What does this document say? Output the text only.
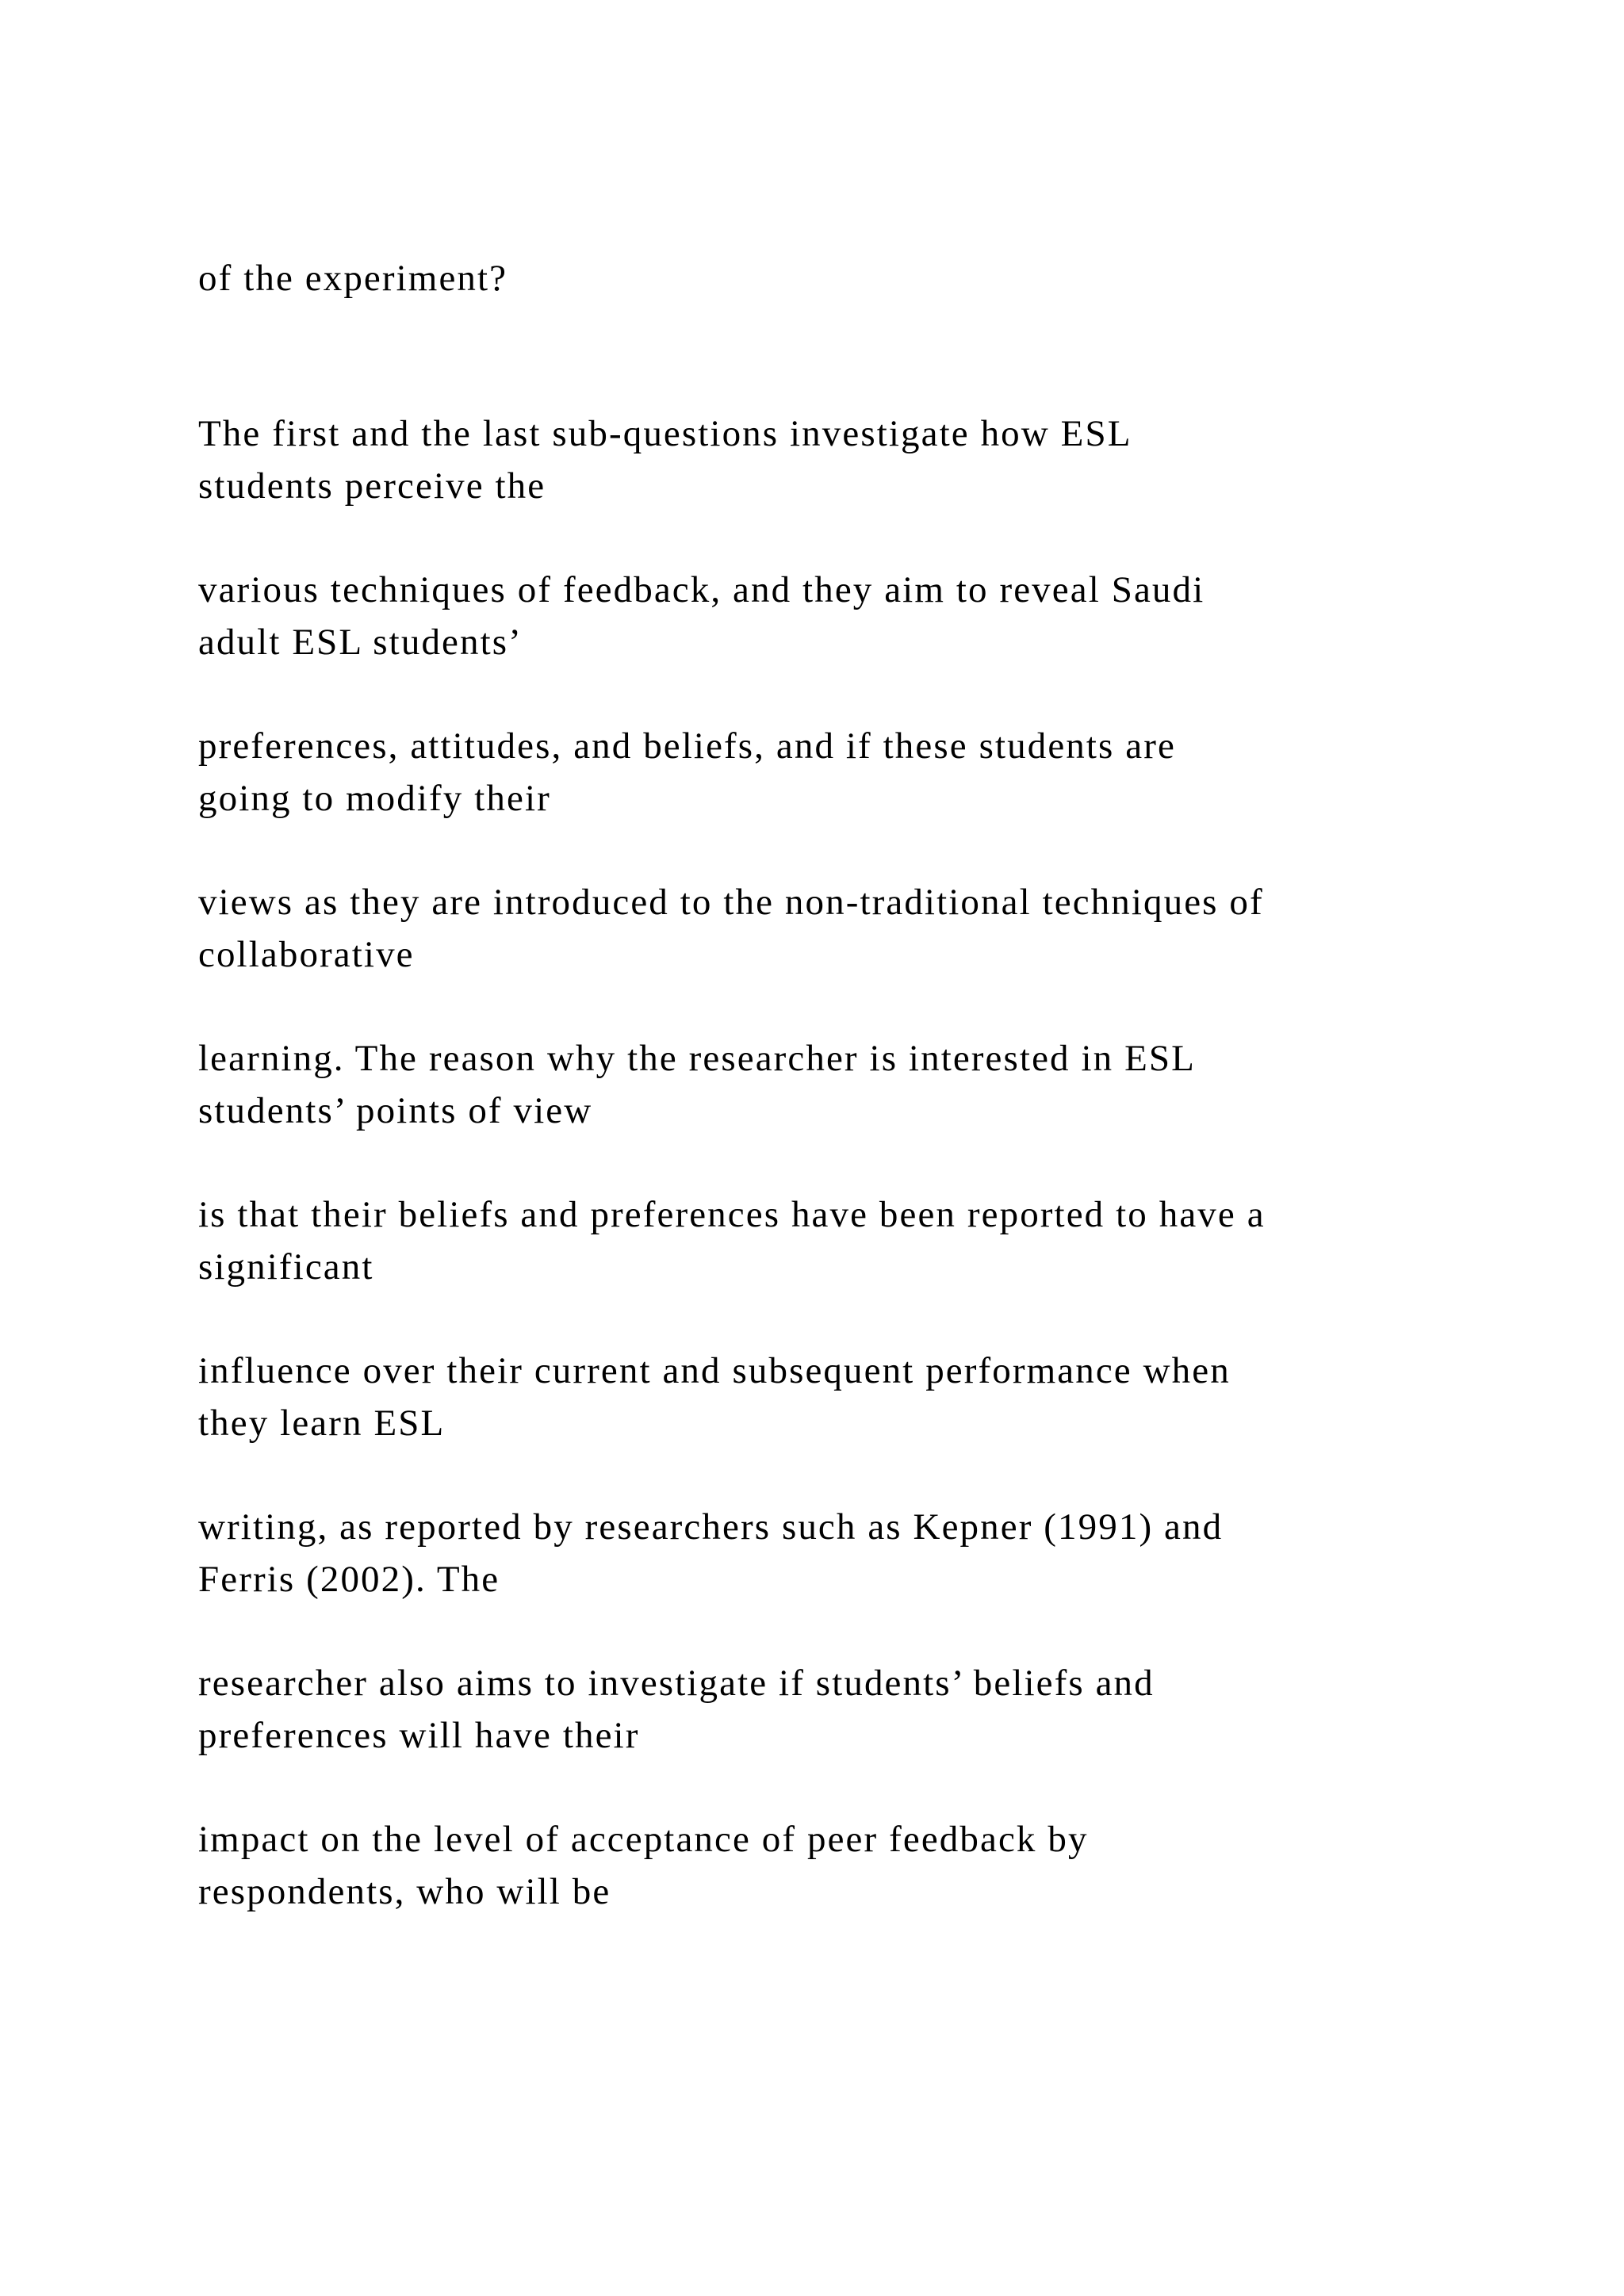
of the experiment?

The first and the last sub-questions investigate how ESL

students perceive the

various techniques of feedback, and they aim to reveal Saudi

adult ESL students’

preferences, attitudes, and beliefs, and if these students are

going to modify their

views as they are introduced to the non-traditional techniques of

collaborative

learning. The reason why the researcher is interested in ESL

students’ points of view

is that their beliefs and preferences have been reported to have a

significant

influence over their current and subsequent performance when

they learn ESL

writing, as reported by researchers such as Kepner (1991) and

Ferris (2002). The

researcher also aims to investigate if students’ beliefs and

preferences will have their

impact on the level of acceptance of peer feedback by

respondents, who will be
